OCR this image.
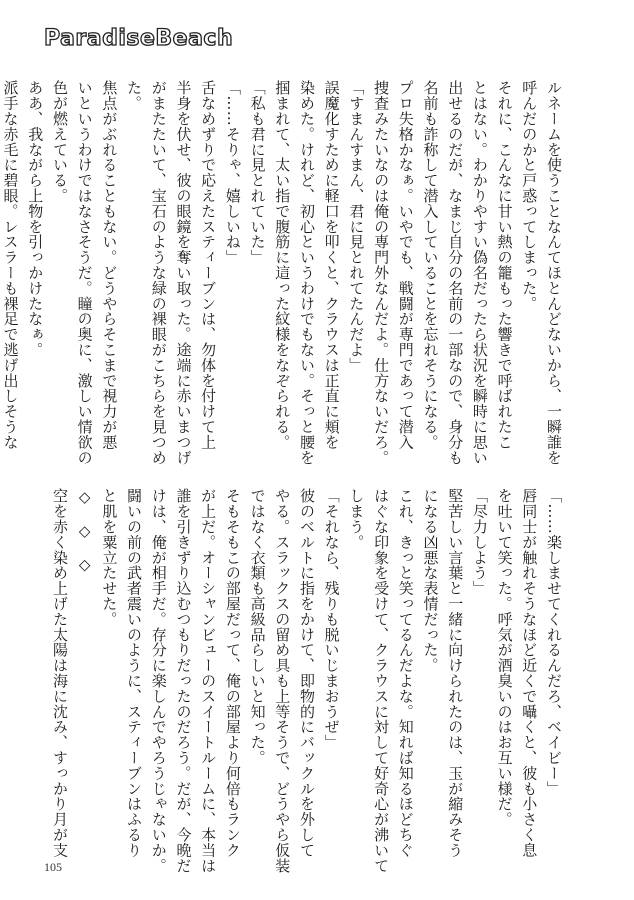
ParadiseBeach
ルネームを使うことなんてほとんどないから、一瞬誰を
呼んだのかと戸惑ってしまった。
それに、こんなに甘い熱の籠もった響きで呼ばれたこ
とはない。わかりやすい偽名だったら状況を瞬時に思い
出せるのだが、なまじ自分の名前の一部なので、身分も
名前も詐称して潜入していることを忘れそうになる。
プロ失格かなぁ。いやでも、戦闘が専門であって潜入
捜査みたいなのは俺の専門外なんだよ。仕方ないだろ。
「すまんすまん、君に見とれてたんだよ」
誤魔化すために軽口を叩くと、クラウスは正直に頬を
染めた。けれど、初心というわけでもない。そっと腰を
掴まれて、太い指で腹筋に這った紋様をなぞられる。
「私も君に見とれていた」
「……そりゃ、嬉しいね」
舌なめずりで応えたスティーブンは、勿体を付けて上
半身を伏せ、彼の眼鏡を奪い取った。途端に赤いまつげ
がまたたいて、宝石のような緑の裸眼がこちらを見つめ
た。
焦点がぶれることもない。どうやらそこまで視力が悪
いというわけではなさそうだ。瞳の奥に、激しい情欲の
色が燃えている。
ああ、我ながら上物を引っかけたなぁ。
派手な赤毛に碧眼。レスラーも裸足で逃げ出しそうな
「……楽しませてくれるんだろ、ベイビー」
唇同士が触れそうなほど近くで囁くと、彼も小さく息
を吐いて笑った。呼気が酒臭いのはお互い様だ。
「尽力しよう」
堅苦しい言葉と一緒に向けられたのは、玉が縮みそう
になる凶悪な表情だった。
これ、きっと笑ってるんだよな。知れば知るほどちぐ
はぐな印象を受けて、クラウスに対して好奇心が沸いて
しまう。
「それなら、残りも脱いじまおうぜ」
彼のベルトに指をかけて、即物的にバックルを外して
やる。スラックスの留め具も上等そうで、どうやら仮装
ではなく衣類も高級品らしいと知った。
そもそもこの部屋だって、俺の部屋より何倍もランク
が上だ。オーシャンビューのスイートルームに、本当は
誰を引きずり込むつもりだったのだろう。だが、今晩だ
けは、俺が相手だ。存分に楽しんでやろうじゃないか。
闘いの前の武者震いのように、スティーブンはふるり
と肌を粟立たせた。
◇　◇　◇
空を赤く染め上げた太陽は海に沈み、すっかり月が支
105
